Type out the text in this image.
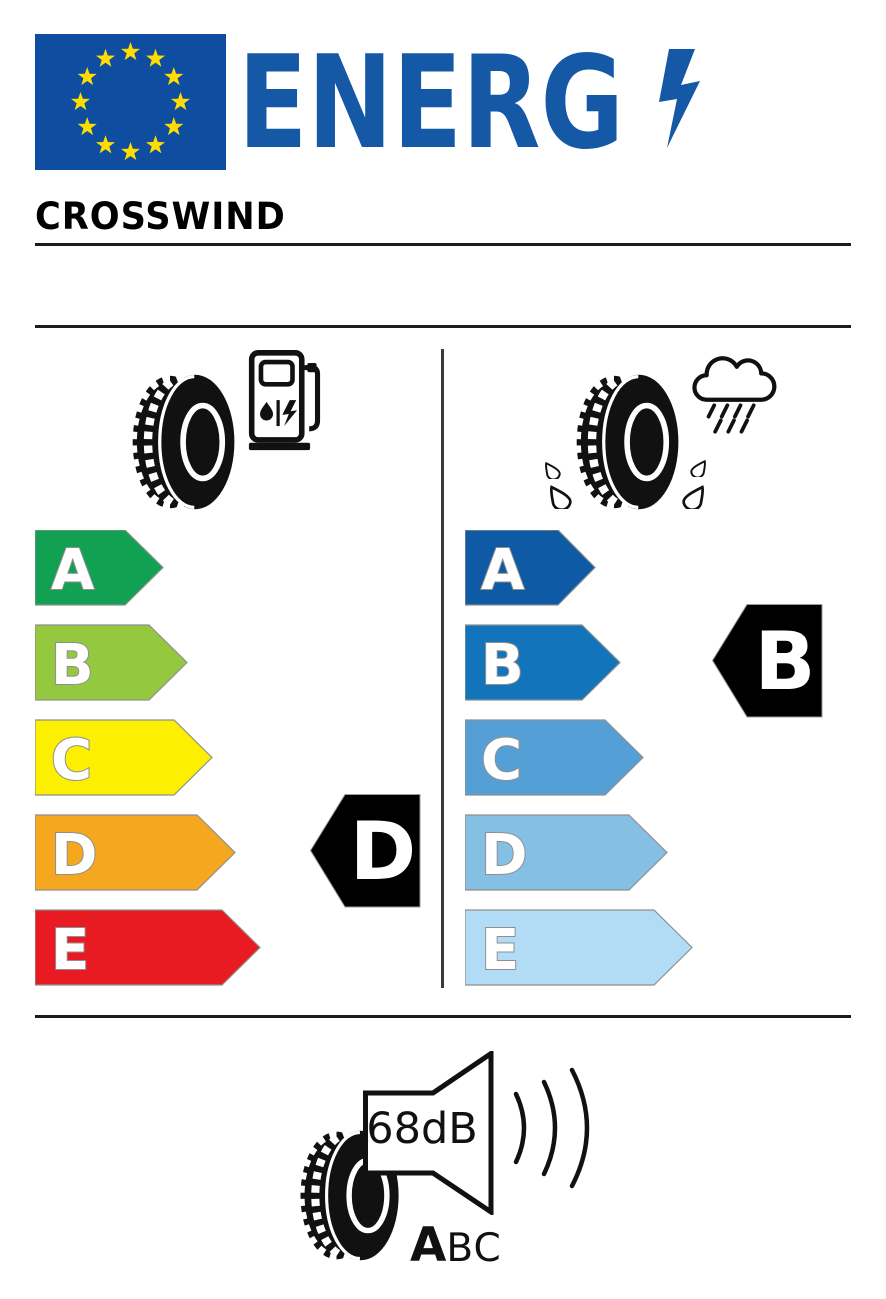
ENERG
CROSSWIND
A
B
C
D
E
A
B
C
D
E
D
B
68dB
A BC
